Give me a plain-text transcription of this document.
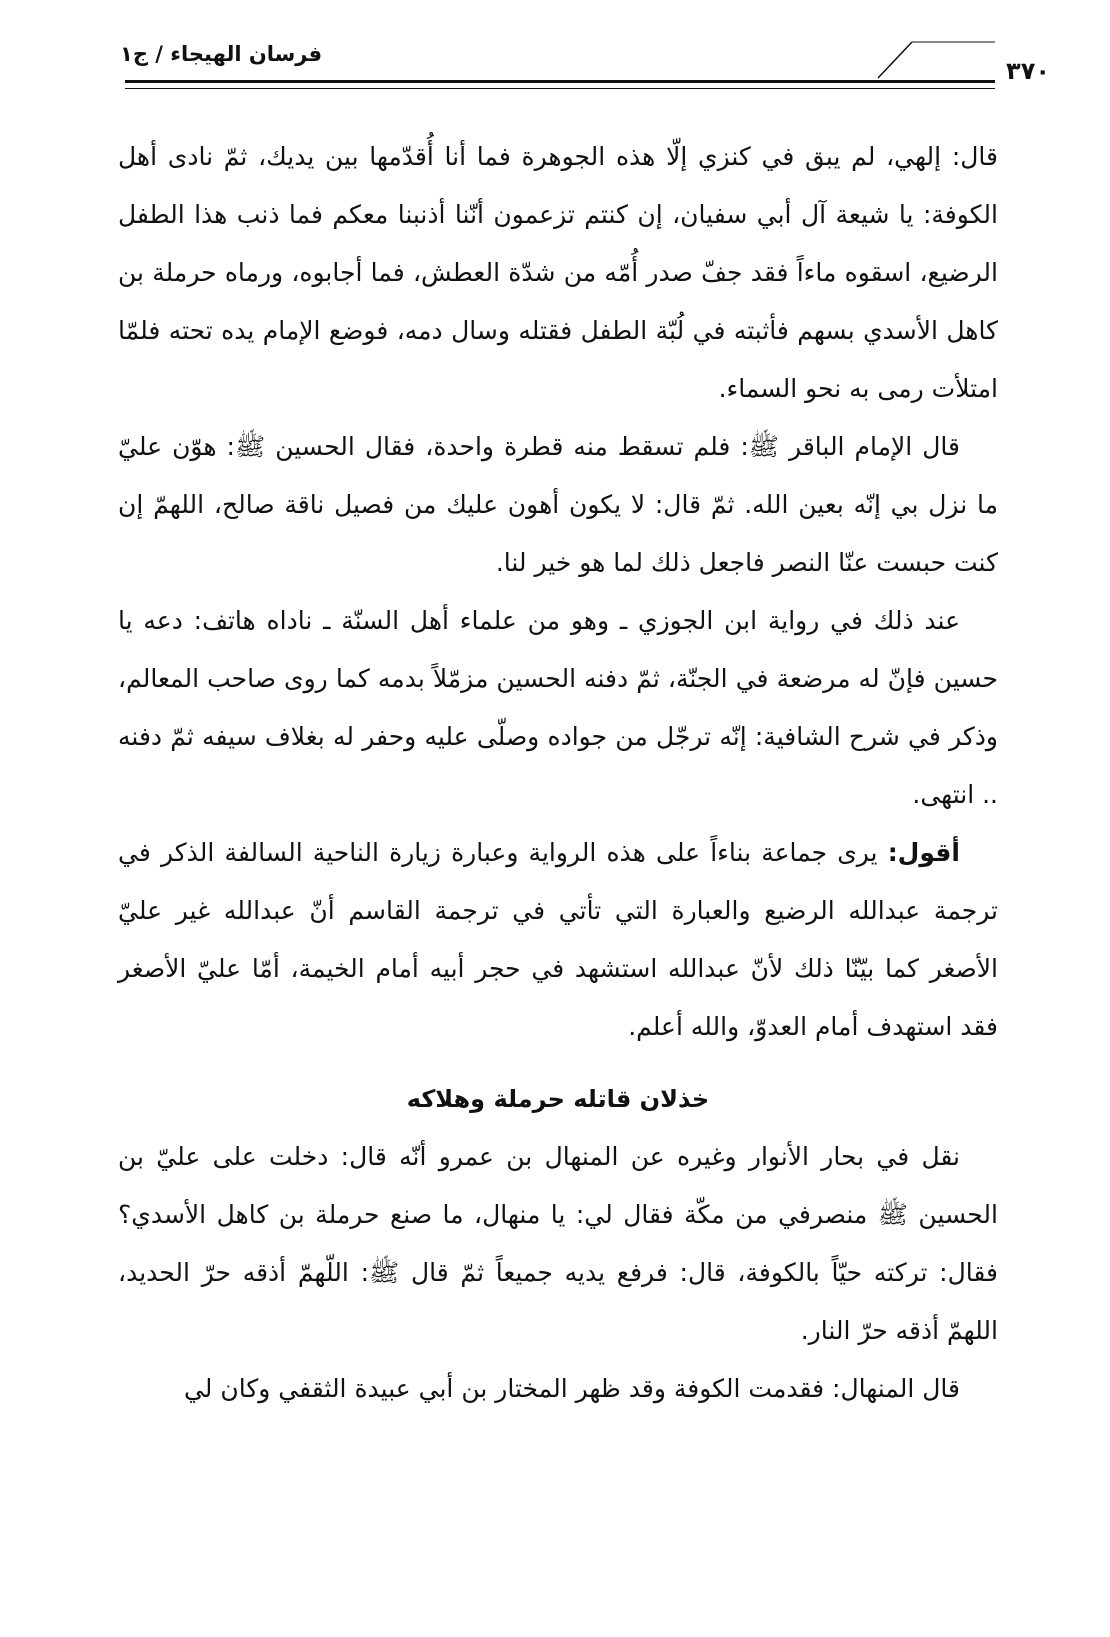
فرسان الهيجاء / ج١
٣٧٠

قال: إلهي، لم يبق في كنزي إلّا هذه الجوهرة فما أنا أُقدّمها بين يديك، ثمّ نادى أهل الكوفة: يا شيعة آل أبي سفيان، إن كنتم تزعمون أنّنا أذنبنا معكم فما ذنب هذا الطفل الرضيع، اسقوه ماءاً فقد جفّ صدر أُمّه من شدّة العطش، فما أجابوه، ورماه حرملة بن كاهل الأسدي بسهم فأثبته في لُبّة الطفل فقتله وسال دمه، فوضع الإمام يده تحته فلمّا امتلأت رمى به نحو السماء.

قال الإمام الباقر ﷺ: فلم تسقط منه قطرة واحدة، فقال الحسين ﷺ: هوّن عليّ ما نزل بي إنّه بعين الله. ثمّ قال: لا يكون أهون عليك من فصيل ناقة صالح، اللهمّ إن كنت حبست عنّا النصر فاجعل ذلك لما هو خير لنا.

عند ذلك في رواية ابن الجوزي ـ وهو من علماء أهل السنّة ـ ناداه هاتف: دعه يا حسين فإنّ له مرضعة في الجنّة، ثمّ دفنه الحسين مزمّلاً بدمه كما روى صاحب المعالم، وذكر في شرح الشافية: إنّه ترجّل من جواده وصلّى عليه وحفر له بغلاف سيفه ثمّ دفنه .. انتهى.

أقول: يرى جماعة بناءاً على هذه الرواية وعبارة زيارة الناحية السالفة الذكر في ترجمة عبدالله الرضيع والعبارة التي تأتي في ترجمة القاسم أنّ عبدالله غير عليّ الأصغر كما بيّنّا ذلك لأنّ عبدالله استشهد في حجر أبيه أمام الخيمة، أمّا عليّ الأصغر فقد استهدف أمام العدوّ، والله أعلم.

خذلان قاتله حرملة وهلاكه

نقل في بحار الأنوار وغيره عن المنهال بن عمرو أنّه قال: دخلت على عليّ بن الحسين ﷺ منصرفي من مكّة فقال لي: يا منهال، ما صنع حرملة بن كاهل الأسدي؟ فقال: تركته حيّاً بالكوفة، قال: فرفع يديه جميعاً ثمّ قال ﷺ: اللّهمّ أذقه حرّ الحديد، اللهمّ أذقه حرّ النار.

قال المنهال: فقدمت الكوفة وقد ظهر المختار بن أبي عبيدة الثقفي وكان لي
